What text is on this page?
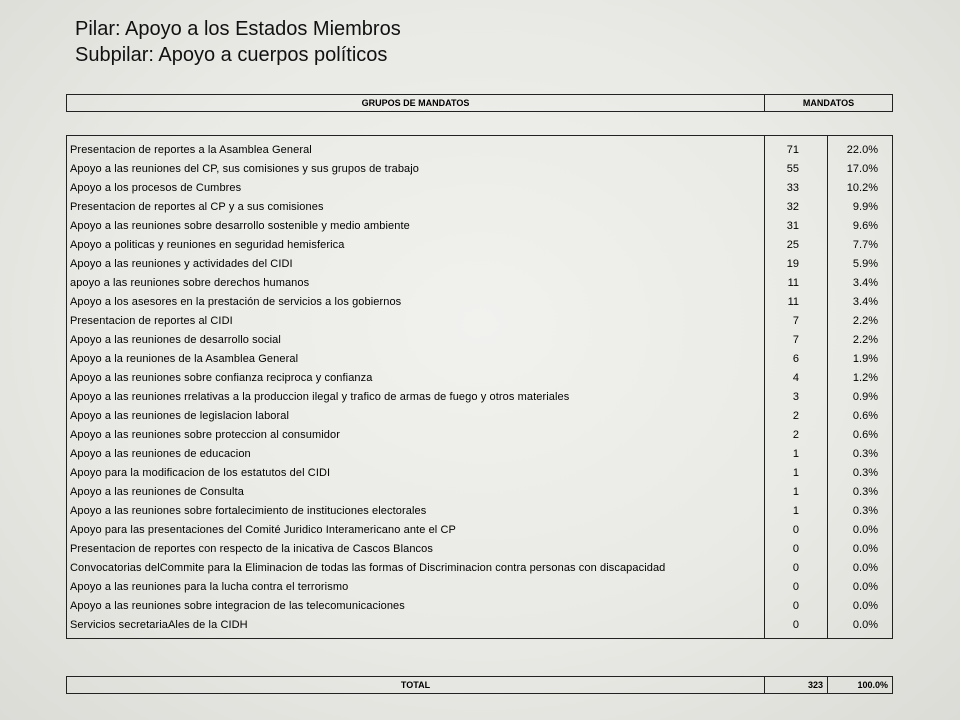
Pilar: Apoyo a los Estados Miembros
Subpilar: Apoyo a cuerpos políticos
GRUPOS DE MANDATOS	MANDATOS

Presentacion de reportes a la Asamblea General	71	22.0%
Apoyo a las reuniones del CP, sus comisiones y sus grupos de trabajo	55	17.0%
Apoyo a los procesos de Cumbres	33	10.2%
Presentacion de reportes al CP y a sus comisiones	32	9.9%
Apoyo a las reuniones sobre desarrollo sostenible y medio ambiente	31	9.6%
Apoyo a politicas y reuniones en seguridad hemisferica	25	7.7%
Apoyo a las reuniones y actividades del CIDI	19	5.9%
apoyo a las reuniones sobre derechos humanos	11	3.4%
Apoyo a los asesores en la prestación de servicios a los gobiernos	11	3.4%
Presentacion de reportes al CIDI	7	2.2%
Apoyo a las reuniones de desarrollo social	7	2.2%
Apoyo a la reuniones de la Asamblea General	6	1.9%
Apoyo a las reuniones sobre confianza reciproca y confianza	4	1.2%
Apoyo a las reuniones rrelativas a la produccion ilegal y trafico de armas de fuego y otros materiales	3	0.9%
Apoyo a las reuniones de legislacion laboral	2	0.6%
Apoyo a las reuniones sobre proteccion al consumidor	2	0.6%
Apoyo a las reuniones de educacion	1	0.3%
Apoyo para la modificacion de los estatutos del CIDI	1	0.3%
Apoyo a las reuniones de Consulta	1	0.3%
Apoyo a las reuniones sobre fortalecimiento de instituciones electorales	1	0.3%
Apoyo para las presentaciones del Comité Juridico Interamericano ante el CP	0	0.0%
Presentacion de reportes con respecto de la inicativa de Cascos Blancos	0	0.0%
Convocatorias delCommite para la Eliminacion de todas las formas of Discriminacion contra personas con discapacidad	0	0.0%
Apoyo a las reuniones para la lucha contra el terrorismo	0	0.0%
Apoyo a las reuniones sobre integracion de las telecomunicaciones	0	0.0%
Servicios secretariaAles de la CIDH	0	0.0%

TOTAL	323	100.0%
